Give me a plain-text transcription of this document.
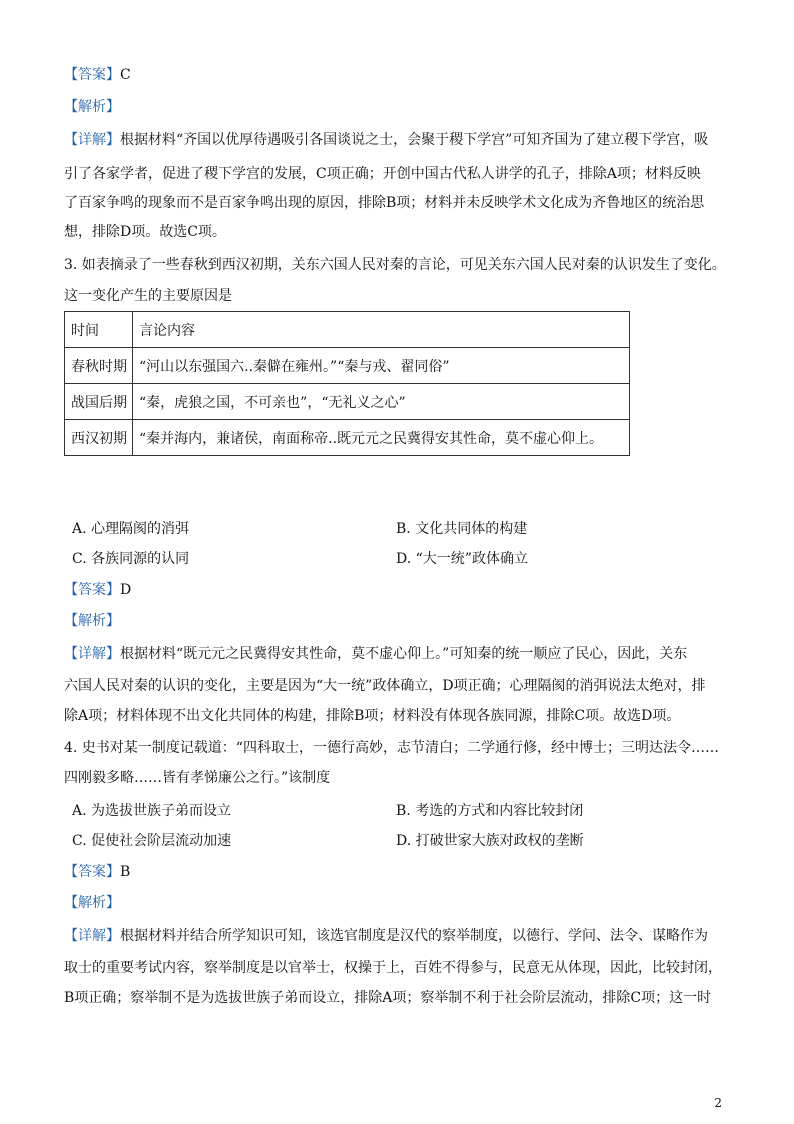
【答案】C
【解析】
【详解】根据材料“齐国以优厚待遇吸引各国谈说之士，会聚于稷下学宫”可知齐国为了建立稷下学宫，吸
引了各家学者，促进了稷下学宫的发展，C项正确；开创中国古代私人讲学的孔子，排除A项；材料反映
了百家争鸣的现象而不是百家争鸣出现的原因，排除B项；材料并未反映学术文化成为齐鲁地区的统治思
想，排除D项。故选C项。
3. 如表摘录了一些春秋到西汉初期，关东六国人民对秦的言论，可见关东六国人民对秦的认识发生了变化。
这一变化产生的主要原因是
时间	言论内容
春秋时期	“河山以东强国六..秦僻在雍州。”“秦与戎、翟同俗”
战国后期	“秦，虎狼之国，不可亲也”，“无礼义之心”
西汉初期	“秦并海内，兼诸侯，南面称帝..既元元之民冀得安其性命，莫不虚心仰上。
A. 心理隔阂的消弭	B. 文化共同体的构建
C. 各族同源的认同	D. “大一统”政体确立
【答案】D
【解析】
【详解】根据材料“既元元之民冀得安其性命，莫不虚心仰上。”可知秦的统一顺应了民心，因此，关东
六国人民对秦的认识的变化，主要是因为“大一统”政体确立，D项正确；心理隔阂的消弭说法太绝对，排
除A项；材料体现不出文化共同体的构建，排除B项；材料没有体现各族同源，排除C项。故选D项。
4. 史书对某一制度记载道：“四科取士，一德行高妙，志节清白；二学通行修，经中博士；三明达法令……
四刚毅多略……皆有孝悌廉公之行。”该制度
A. 为选拔世族子弟而设立	B. 考选的方式和内容比较封闭
C. 促使社会阶层流动加速	D. 打破世家大族对政权的垄断
【答案】B
【解析】
【详解】根据材料并结合所学知识可知，该选官制度是汉代的察举制度，以德行、学问、法令、谋略作为
取士的重要考试内容，察举制度是以官举士，权操于上，百姓不得参与，民意无从体现，因此，比较封闭，
B项正确；察举制不是为选拔世族子弟而设立，排除A项；察举制不利于社会阶层流动，排除C项；这一时
2
